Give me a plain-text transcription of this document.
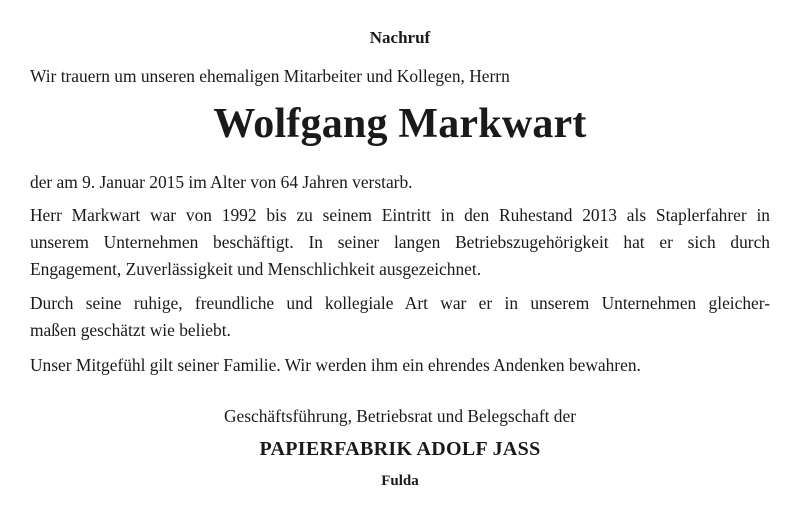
Nachruf

Wir trauern um unseren ehemaligen Mitarbeiter und Kollegen, Herrn

Wolfgang Markwart

der am 9. Januar 2015 im Alter von 64 Jahren verstarb.

Herr Markwart war von 1992 bis zu seinem Eintritt in den Ruhestand 2013 als Staplerfahrer in

unserem Unternehmen beschäftigt. In seiner langen Betriebszugehörigkeit hat er sich durch

Engagement, Zuverlässigkeit und Menschlichkeit ausgezeichnet.

Durch seine ruhige, freundliche und kollegiale Art war er in unserem Unternehmen gleicher-

maßen geschätzt wie beliebt.

Unser Mitgefühl gilt seiner Familie. Wir werden ihm ein ehrendes Andenken bewahren.

Geschäftsführung, Betriebsrat und Belegschaft der

PAPIERFABRIK ADOLF JASS

Fulda
